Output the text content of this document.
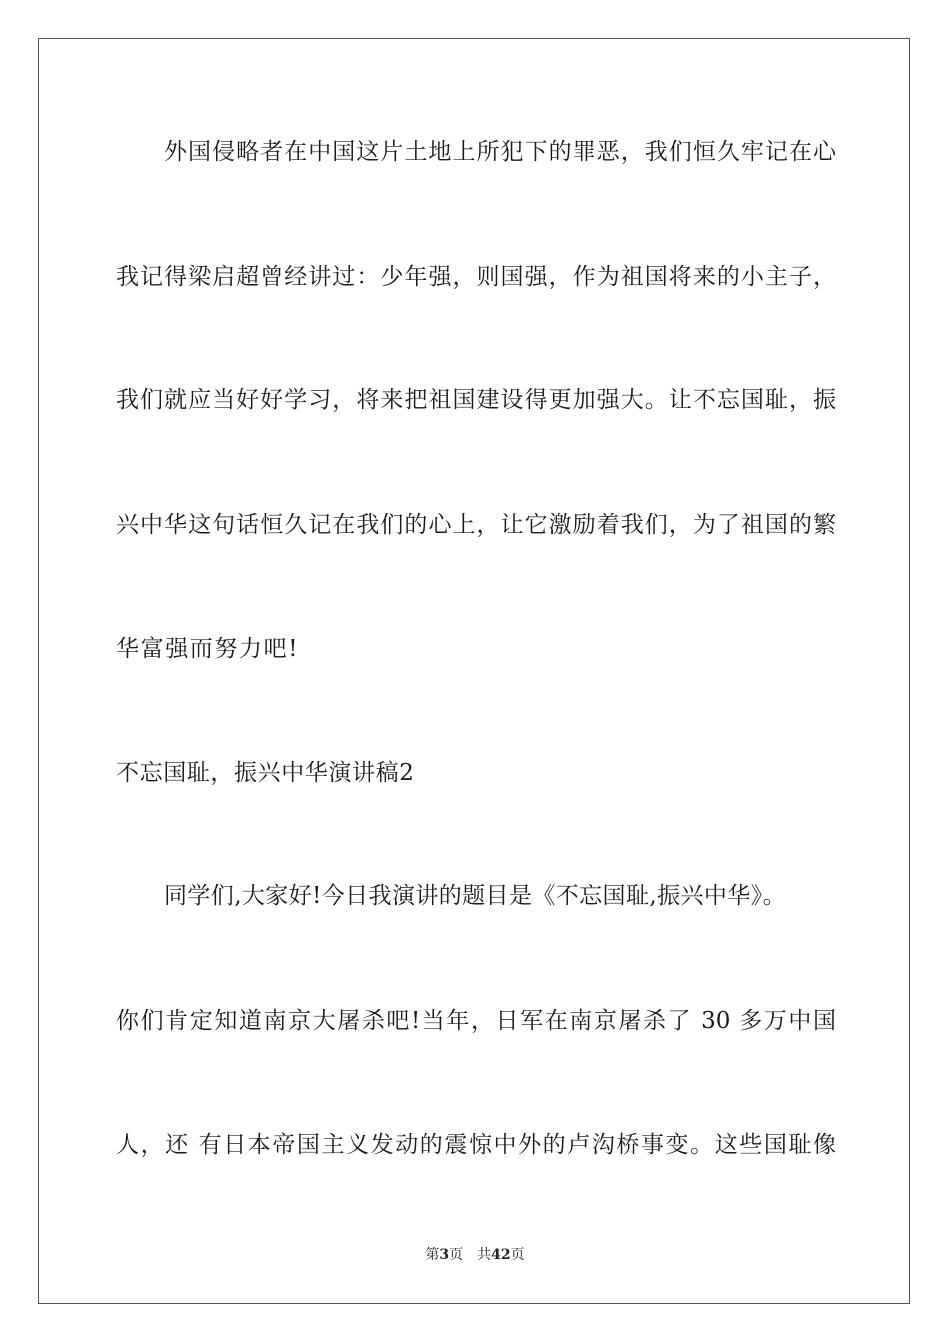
外国侵略者在中国这片土地上所犯下的罪恶，我们恒久牢记在心
我记得梁启超曾经讲过：少年强，则国强，作为祖国将来的小主子，
我们就应当好好学习，将来把祖国建设得更加强大。让不忘国耻，振
兴中华这句话恒久记在我们的心上，让它激励着我们，为了祖国的繁
华富强而努力吧!
不忘国耻，振兴中华演讲稿2
同学们,大家好!今日我演讲的题目是《不忘国耻,振兴中华》。
你们肯定知道南京大屠杀吧!当年，日军在南京屠杀了 30 多万中国
人，还 有日本帝国主义发动的震惊中外的卢沟桥事变。这些国耻像
第3页 共42页
